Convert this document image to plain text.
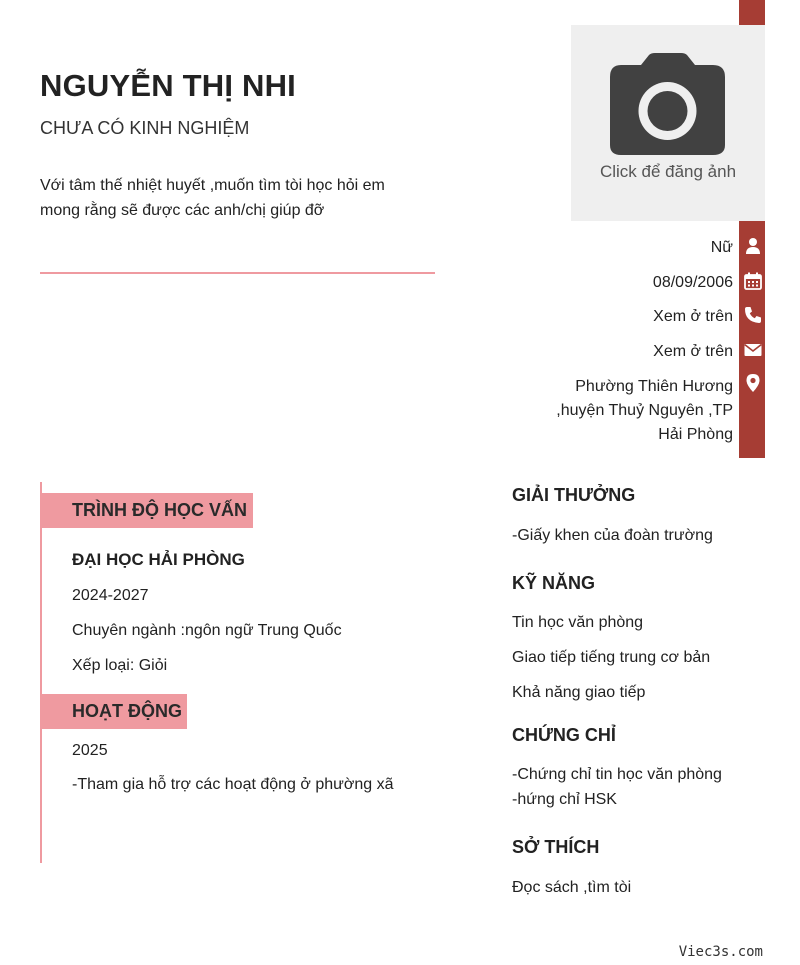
NGUYỄN THỊ NHI
CHƯA CÓ KINH NGHIỆM
Với tâm thế nhiệt huyết ,muốn tìm tòi học hỏi em
mong rằng sẽ được các anh/chị giúp đỡ
Click để đăng ảnh
Nữ
08/09/2006
Xem ở trên
Xem ở trên
Phường Thiên Hương
,huyện Thuỷ Nguyên ,TP
Hải Phòng
TRÌNH ĐỘ HỌC VẤN
ĐẠI HỌC HẢI PHÒNG
2024-2027
Chuyên ngành :ngôn ngữ Trung Quốc
Xếp loại: Giỏi
HOẠT ĐỘNG
2025
-Tham gia hỗ trợ các hoạt động ở phường xã
GIẢI THƯỞNG
-Giấy khen của đoàn trường
KỸ NĂNG
Tin học văn phòng
Giao tiếp tiếng trung cơ bản
Khả năng giao tiếp
CHỨNG CHỈ
-Chứng chỉ tin học văn phòng
-hứng chỉ HSK
SỞ THÍCH
Đọc sách ,tìm tòi
Viec3s.com
